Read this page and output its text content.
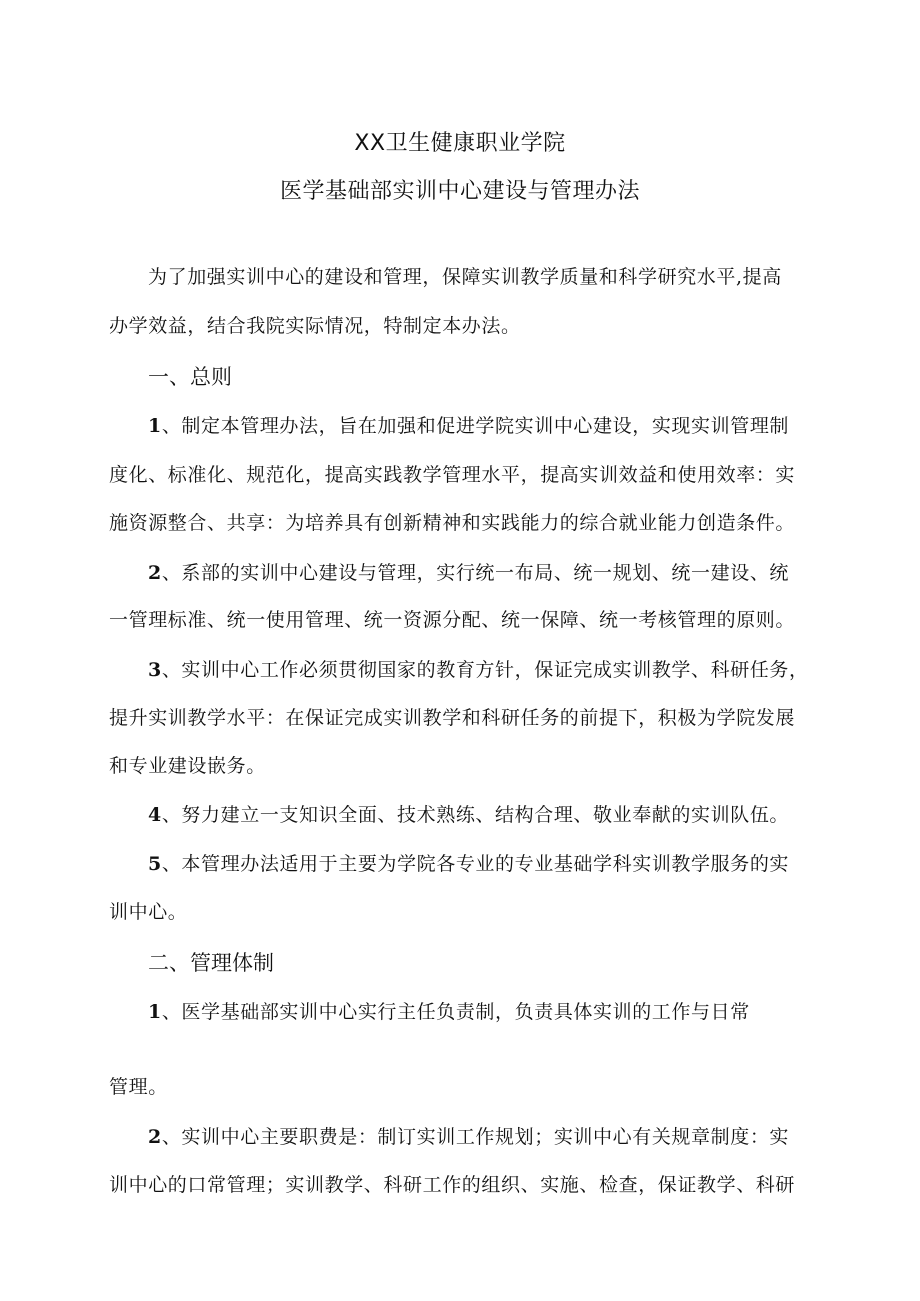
XX卫生健康职业学院
医学基础部实训中心建设与管理办法
为了加强实训中心的建设和管理，保障实训教学质量和科学研究水平,提高
办学效益，结合我院实际情况，特制定本办法。
一、总则
1、制定本管理办法，旨在加强和促进学院实训中心建设，实现实训管理制
度化、标准化、规范化，提高实践教学管理水平，提高实训效益和使用效率：实
施资源整合、共享：为培养具有创新精神和实践能力的综合就业能力创造条件。
2、系部的实训中心建设与管理，实行统一布局、统一规划、统一建设、统
一管理标准、统一使用管理、统一资源分配、统一保障、统一考核管理的原则。
3、实训中心工作必须贯彻国家的教育方针，保证完成实训教学、科研任务，
提升实训教学水平：在保证完成实训教学和科研任务的前提下，积极为学院发展
和专业建设嵌务。
4、努力建立一支知识全面、技术熟练、结构合理、敬业奉献的实训队伍。
5、本管理办法适用于主要为学院各专业的专业基础学科实训教学服务的实
训中心。
二、管理体制
1、医学基础部实训中心实行主任负责制，负责具体实训的工作与日常
管理。
2、实训中心主要职费是：制订实训工作规划；实训中心有关规章制度：实
训中心的口常管理；实训教学、科研工作的组织、实施、检查，保证教学、科研
